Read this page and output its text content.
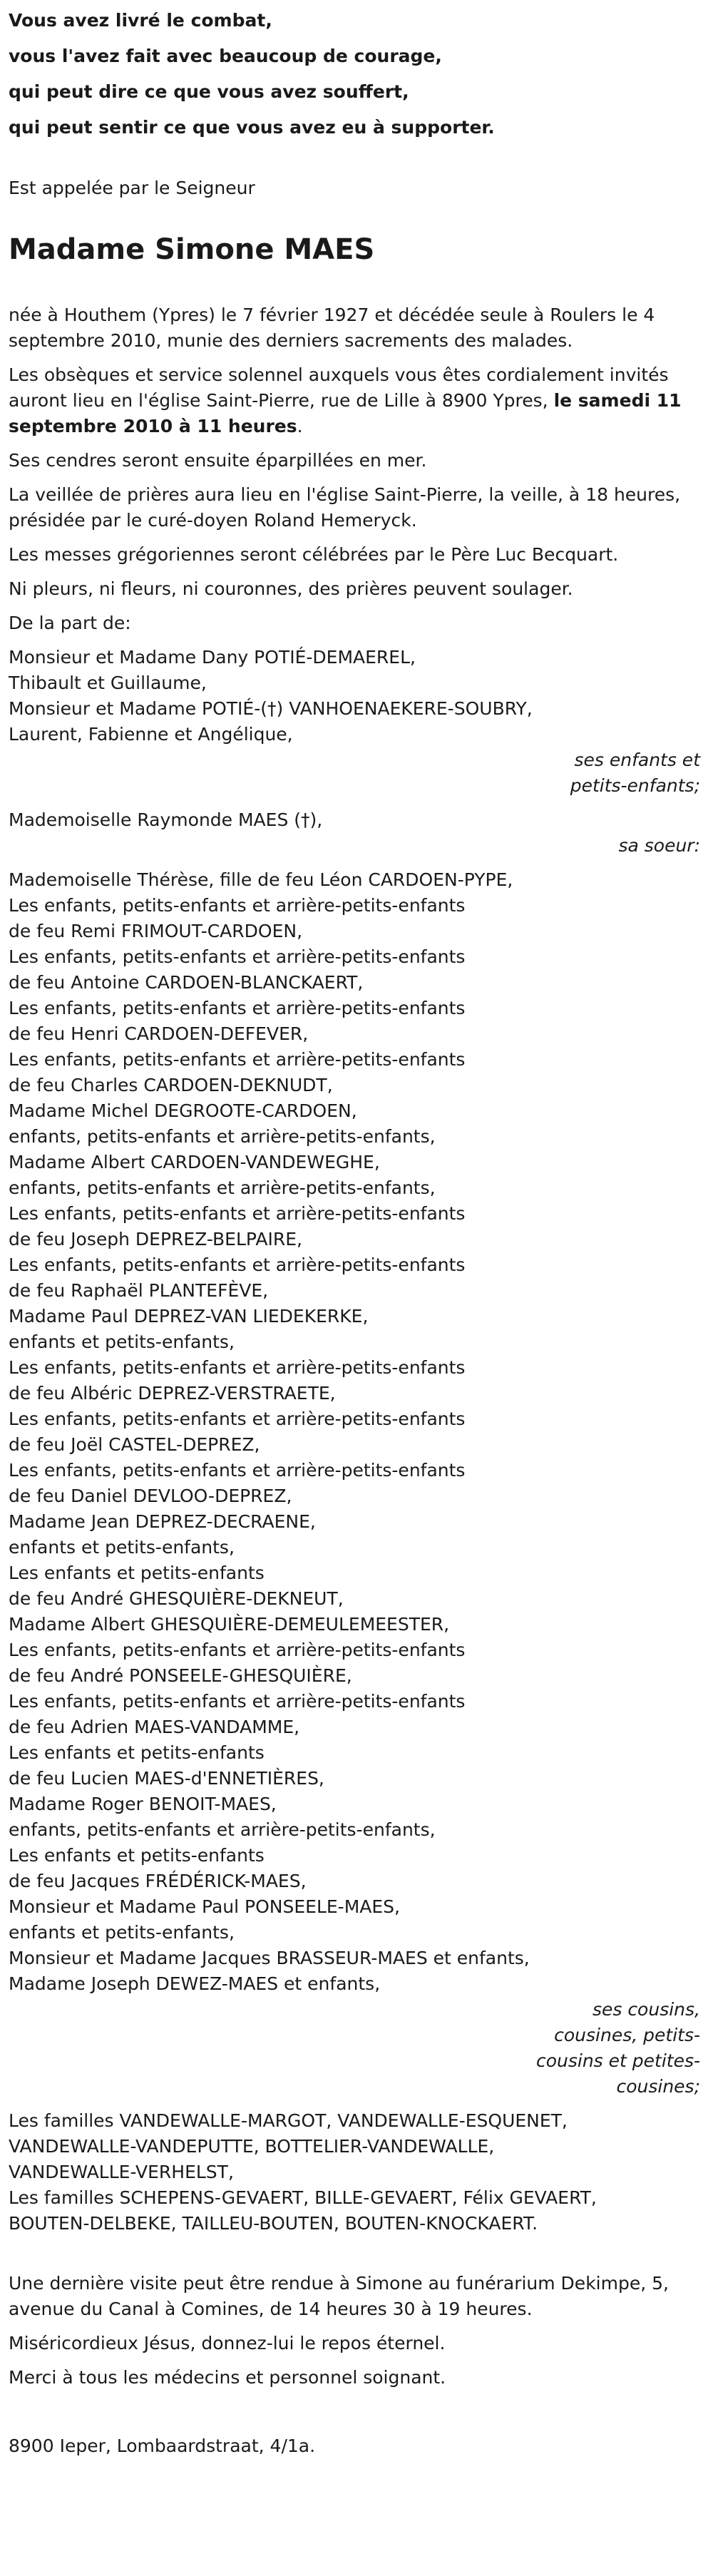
Vous avez livré le combat,

vous l'avez fait avec beaucoup de courage,

qui peut dire ce que vous avez souffert,

qui peut sentir ce que vous avez eu à supporter.

Est appelée par le Seigneur

Madame Simone MAES

née à Houthem (Ypres) le 7 février 1927 et décédée seule à Roulers le 4 septembre 2010, munie des derniers sacrements des malades.

Les obsèques et service solennel auxquels vous êtes cordialement invités auront lieu en l'église Saint-Pierre, rue de Lille à 8900 Ypres, le samedi 11 septembre 2010 à 11 heures.

Ses cendres seront ensuite éparpillées en mer.

La veillée de prières aura lieu en l'église Saint-Pierre, la veille, à 18 heures, présidée par le curé-doyen Roland Hemeryck.

Les messes grégoriennes seront célébrées par le Père Luc Becquart.

Ni pleurs, ni fleurs, ni couronnes, des prières peuvent soulager.

De la part de:

Monsieur et Madame Dany POTIÉ-DEMAEREL,

Thibault et Guillaume,

Monsieur et Madame POTIÉ-(†) VANHOENAEKERE-SOUBRY,

Laurent, Fabienne et Angélique,

ses enfants et petits-enfants;

Mademoiselle Raymonde MAES (†),

sa soeur:

Mademoiselle Thérèse, fille de feu Léon CARDOEN-PYPE,

Les enfants, petits-enfants et arrière-petits-enfants

de feu Remi FRIMOUT-CARDOEN,

Les enfants, petits-enfants et arrière-petits-enfants

de feu Antoine CARDOEN-BLANCKAERT,

Les enfants, petits-enfants et arrière-petits-enfants

de feu Henri CARDOEN-DEFEVER,

Les enfants, petits-enfants et arrière-petits-enfants

de feu Charles CARDOEN-DEKNUDT,

Madame Michel DEGROOTE-CARDOEN,

enfants, petits-enfants et arrière-petits-enfants,

Madame Albert CARDOEN-VANDEWEGHE,

enfants, petits-enfants et arrière-petits-enfants,

Les enfants, petits-enfants et arrière-petits-enfants

de feu Joseph DEPREZ-BELPAIRE,

Les enfants, petits-enfants et arrière-petits-enfants

de feu Raphaël PLANTEFÈVE,

Madame Paul DEPREZ-VAN LIEDEKERKE,

enfants et petits-enfants,

Les enfants, petits-enfants et arrière-petits-enfants

de feu Albéric DEPREZ-VERSTRAETE,

Les enfants, petits-enfants et arrière-petits-enfants

de feu Joël CASTEL-DEPREZ,

Les enfants, petits-enfants et arrière-petits-enfants

de feu Daniel DEVLOO-DEPREZ,

Madame Jean DEPREZ-DECRAENE,

enfants et petits-enfants,

Les enfants et petits-enfants

de feu André GHESQUIÈRE-DEKNEUT,

Madame Albert GHESQUIÈRE-DEMEULEMEESTER,

Les enfants, petits-enfants et arrière-petits-enfants

de feu André PONSEELE-GHESQUIÈRE,

Les enfants, petits-enfants et arrière-petits-enfants

de feu Adrien MAES-VANDAMME,

Les enfants et petits-enfants

de feu Lucien MAES-d'ENNETIÈRES,

Madame Roger BENOIT-MAES,

enfants, petits-enfants et arrière-petits-enfants,

Les enfants et petits-enfants

de feu Jacques FRÉDÉRICK-MAES,

Monsieur et Madame Paul PONSEELE-MAES,

enfants et petits-enfants,

Monsieur et Madame Jacques BRASSEUR-MAES et enfants,

Madame Joseph DEWEZ-MAES et enfants,

ses cousins, cousines, petits-cousins et petites-cousines;

Les familles VANDEWALLE-MARGOT, VANDEWALLE-ESQUENET,

VANDEWALLE-VANDEPUTTE, BOTTELIER-VANDEWALLE,

VANDEWALLE-VERHELST,

Les familles SCHEPENS-GEVAERT, BILLE-GEVAERT, Félix GEVAERT,

BOUTEN-DELBEKE, TAILLEU-BOUTEN, BOUTEN-KNOCKAERT.

Une dernière visite peut être rendue à Simone au funérarium Dekimpe, 5, avenue du Canal à Comines, de 14 heures 30 à 19 heures.

Miséricordieux Jésus, donnez-lui le repos éternel.

Merci à tous les médecins et personnel soignant.

8900 Ieper, Lombaardstraat, 4/1a.
